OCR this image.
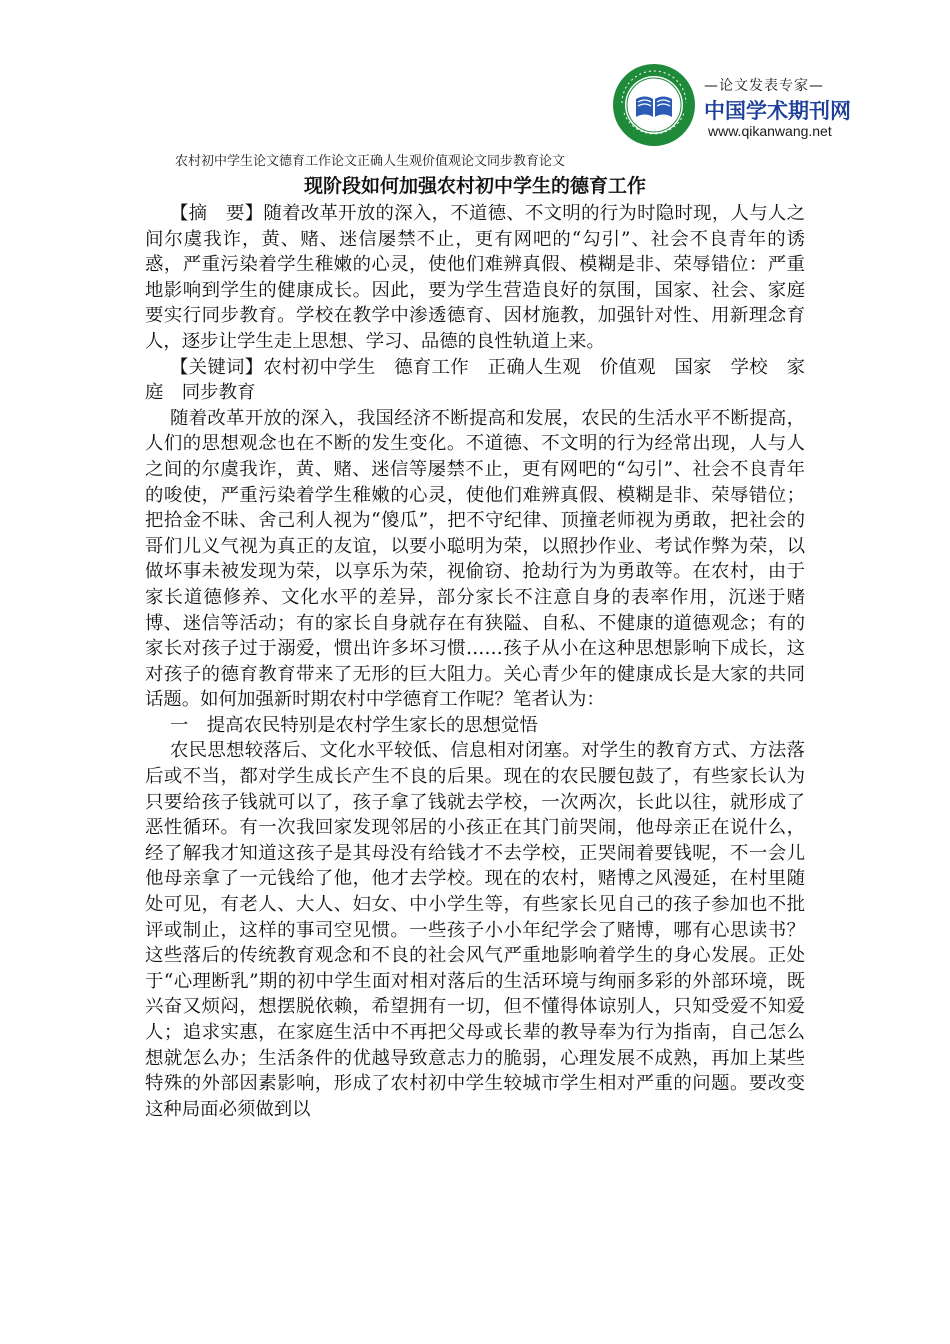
—论文发表专家—
中国学术期刊网
www.qikanwang.net
农村初中学生论文德育工作论文正确人生观价值观论文同步教育论文
现阶段如何加强农村初中学生的德育工作

【摘　要】随着改革开放的深入，不道德、不文明的行为时隐时现，人与人之间尔虞我诈，黄、赌、迷信屡禁不止，更有网吧的“勾引”、社会不良青年的诱惑，严重污染着学生稚嫩的心灵，使他们难辨真假、模糊是非、荣辱错位：严重地影响到学生的健康成长。因此，要为学生营造良好的氛围，国家、社会、家庭要实行同步教育。学校在教学中渗透德育、因材施教，加强针对性、用新理念育人，逐步让学生走上思想、学习、品德的良性轨道上来。

【关键词】农村初中学生　德育工作　正确人生观　价值观　国家　学校　家庭　同步教育

随着改革开放的深入，我国经济不断提高和发展，农民的生活水平不断提高，人们的思想观念也在不断的发生变化。不道德、不文明的行为经常出现，人与人之间的尔虞我诈，黄、赌、迷信等屡禁不止，更有网吧的“勾引”、社会不良青年的唆使，严重污染着学生稚嫩的心灵，使他们难辨真假、模糊是非、荣辱错位；把拾金不昧、舍己利人视为“傻瓜”，把不守纪律、顶撞老师视为勇敢，把社会的哥们儿义气视为真正的友谊，以要小聪明为荣，以照抄作业、考试作弊为荣，以做坏事未被发现为荣，以享乐为荣，视偷窃、抢劫行为为勇敢等。在农村，由于家长道德修养、文化水平的差异，部分家长不注意自身的表率作用，沉迷于赌博、迷信等活动；有的家长自身就存在有狭隘、自私、不健康的道德观念；有的家长对孩子过于溺爱，惯出许多坏习惯……孩子从小在这种思想影响下成长，这对孩子的德育教育带来了无形的巨大阻力。关心青少年的健康成长是大家的共同话题。如何加强新时期农村中学德育工作呢？笔者认为：

一　提高农民特别是农村学生家长的思想觉悟

农民思想较落后、文化水平较低、信息相对闭塞。对学生的教育方式、方法落后或不当，都对学生成长产生不良的后果。现在的农民腰包鼓了，有些家长认为只要给孩子钱就可以了，孩子拿了钱就去学校，一次两次，长此以往，就形成了恶性循环。有一次我回家发现邻居的小孩正在其门前哭闹，他母亲正在说什么，经了解我才知道这孩子是其母没有给钱才不去学校，正哭闹着要钱呢，不一会儿他母亲拿了一元钱给了他，他才去学校。现在的农村，赌博之风漫延，在村里随处可见，有老人、大人、妇女、中小学生等，有些家长见自己的孩子参加也不批评或制止，这样的事司空见惯。一些孩子小小年纪学会了赌博，哪有心思读书？这些落后的传统教育观念和不良的社会风气严重地影响着学生的身心发展。正处于“心理断乳”期的初中学生面对相对落后的生活环境与绚丽多彩的外部环境，既兴奋又烦闷，想摆脱依赖，希望拥有一切，但不懂得体谅别人，只知受爱不知爱人；追求实惠，在家庭生活中不再把父母或长辈的教导奉为行为指南，自己怎么想就怎么办；生活条件的优越导致意志力的脆弱，心理发展不成熟，再加上某些特殊的外部因素影响，形成了农村初中学生较城市学生相对严重的问题。要改变这种局面必须做到以
